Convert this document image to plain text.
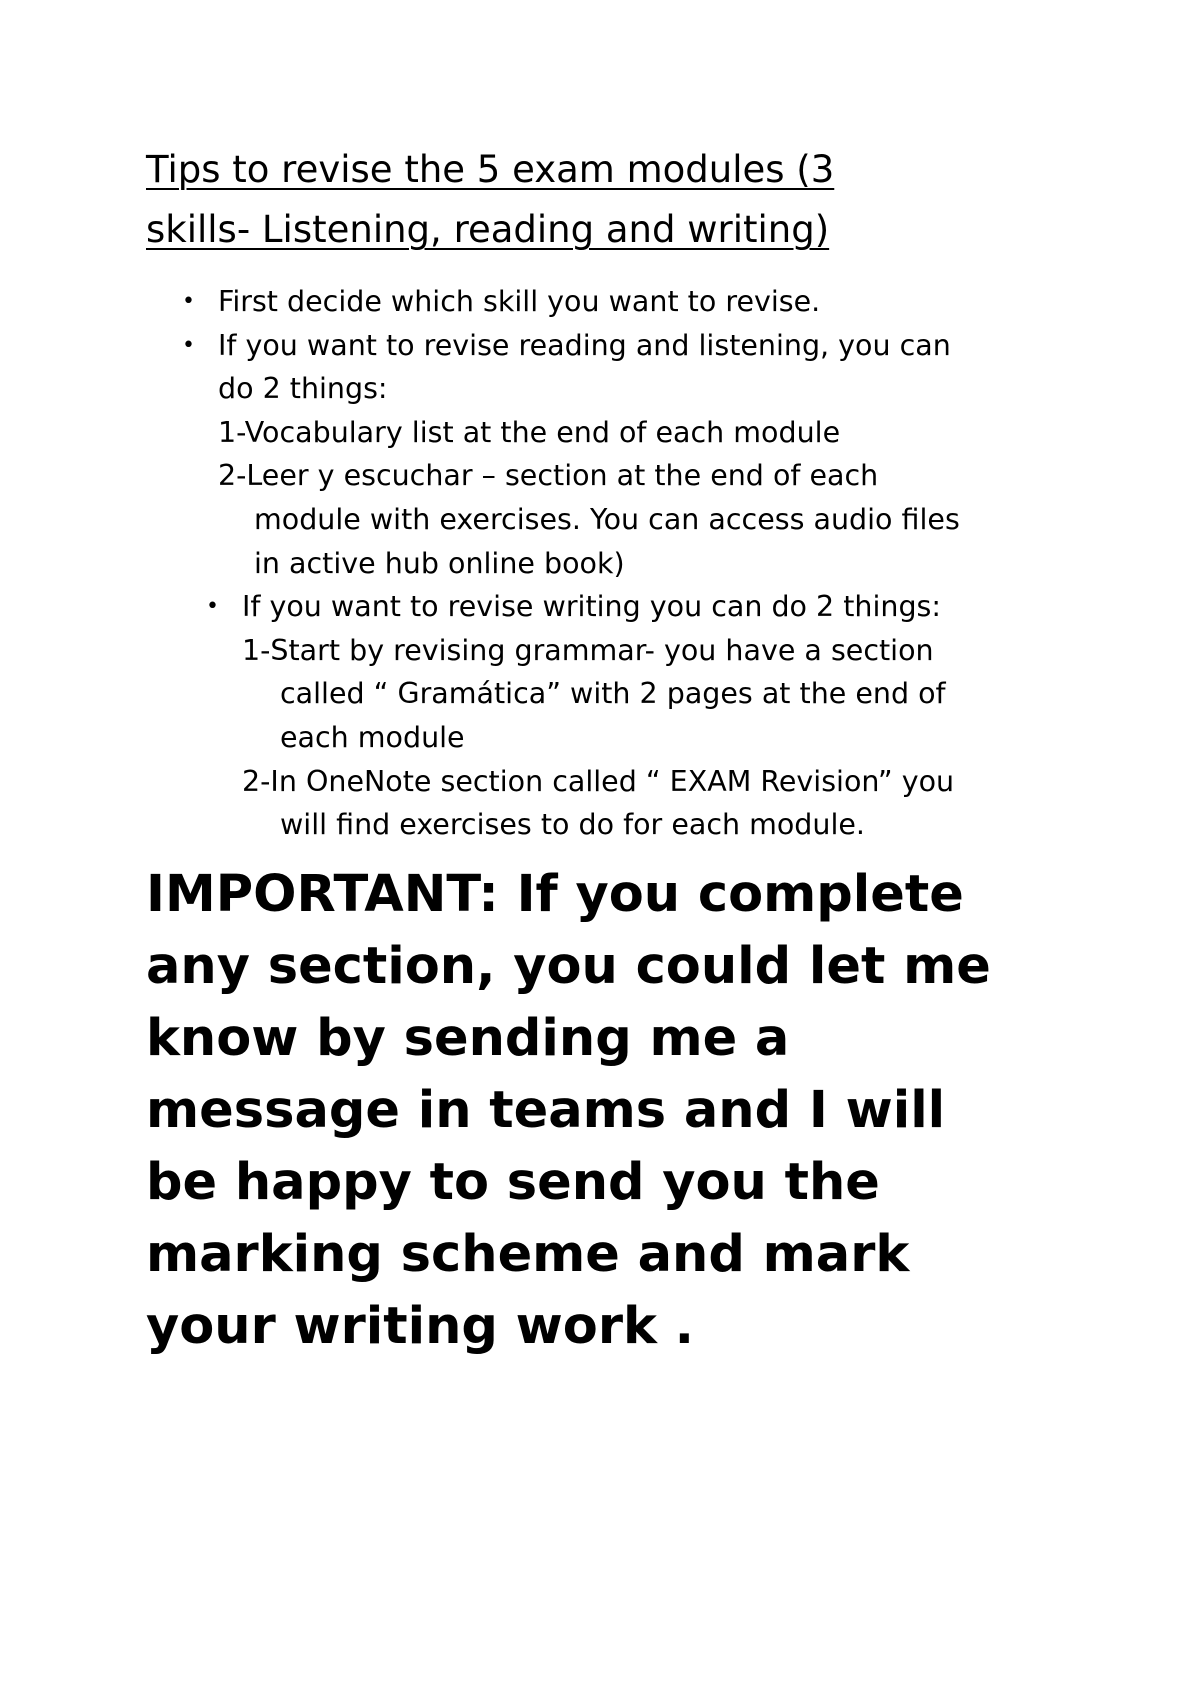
Tips to revise the 5 exam modules (3
skills- Listening, reading and writing)
• First decide which skill you want to revise.
• If you want to revise reading and listening, you can
do 2 things:
1-Vocabulary list at the end of each module
2-Leer y escuchar – section at the end of each
module with exercises. You can access audio files
in active hub online book)
• If you want to revise writing you can do 2 things:
1-Start by revising grammar- you have a section
called “ Gramática” with 2 pages at the end of
each module
2-In OneNote section called “ EXAM Revision” you
will find exercises to do for each module.

IMPORTANT: If you complete
any section, you could let me
know by sending me a
message in teams and I will
be happy to send you the
marking scheme and mark
your writing work .
